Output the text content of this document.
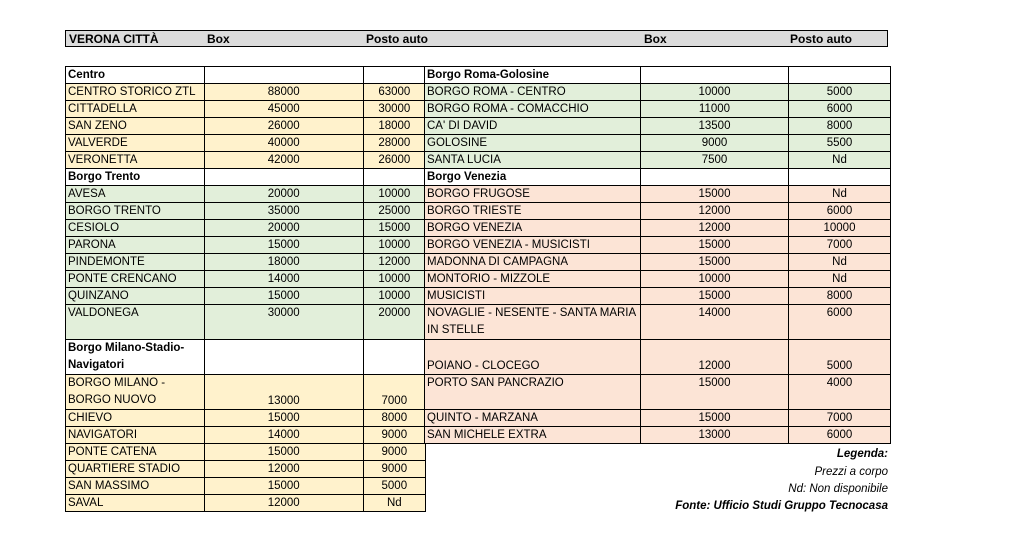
VERONA CITTÀ	Box	Posto auto	Box	Posto auto
Centro		
CENTRO STORICO ZTL	88000	63000
CITTADELLA	45000	30000
SAN ZENO	26000	18000
VALVERDE	40000	28000
VERONETTA	42000	26000
Borgo Trento		
AVESA	20000	10000
BORGO TRENTO	35000	25000
CESIOLO	20000	15000
PARONA	15000	10000
PINDEMONTE	18000	12000
PONTE CRENCANO	14000	10000
QUINZANO	15000	10000
VALDONEGA	30000	20000
Borgo Milano-Stadio-Navigatori		
BORGO MILANO - BORGO NUOVO	13000	7000
CHIEVO	15000	8000
NAVIGATORI	14000	9000
PONTE CATENA	15000	9000
QUARTIERE STADIO	12000	9000
SAN MASSIMO	15000	5000
SAVAL	12000	Nd
Borgo Roma-Golosine		
BORGO ROMA - CENTRO	10000	5000
BORGO ROMA - COMACCHIO	11000	6000
CA' DI DAVID	13500	8000
GOLOSINE	9000	5500
SANTA LUCIA	7500	Nd
Borgo Venezia		
BORGO FRUGOSE	15000	Nd
BORGO TRIESTE	12000	6000
BORGO VENEZIA	12000	10000
BORGO VENEZIA - MUSICISTI	15000	7000
MADONNA DI CAMPAGNA	15000	Nd
MONTORIO - MIZZOLE	10000	Nd
MUSICISTI	15000	8000
NOVAGLIE - NESENTE - SANTA MARIA IN STELLE	14000	6000
POIANO - CLOCEGO	12000	5000
PORTO SAN PANCRAZIO	15000	4000
QUINTO - MARZANA	15000	7000
SAN MICHELE EXTRA	13000	6000
Legenda:
Prezzi a corpo
Nd: Non disponibile
Fonte: Ufficio Studi Gruppo Tecnocasa
